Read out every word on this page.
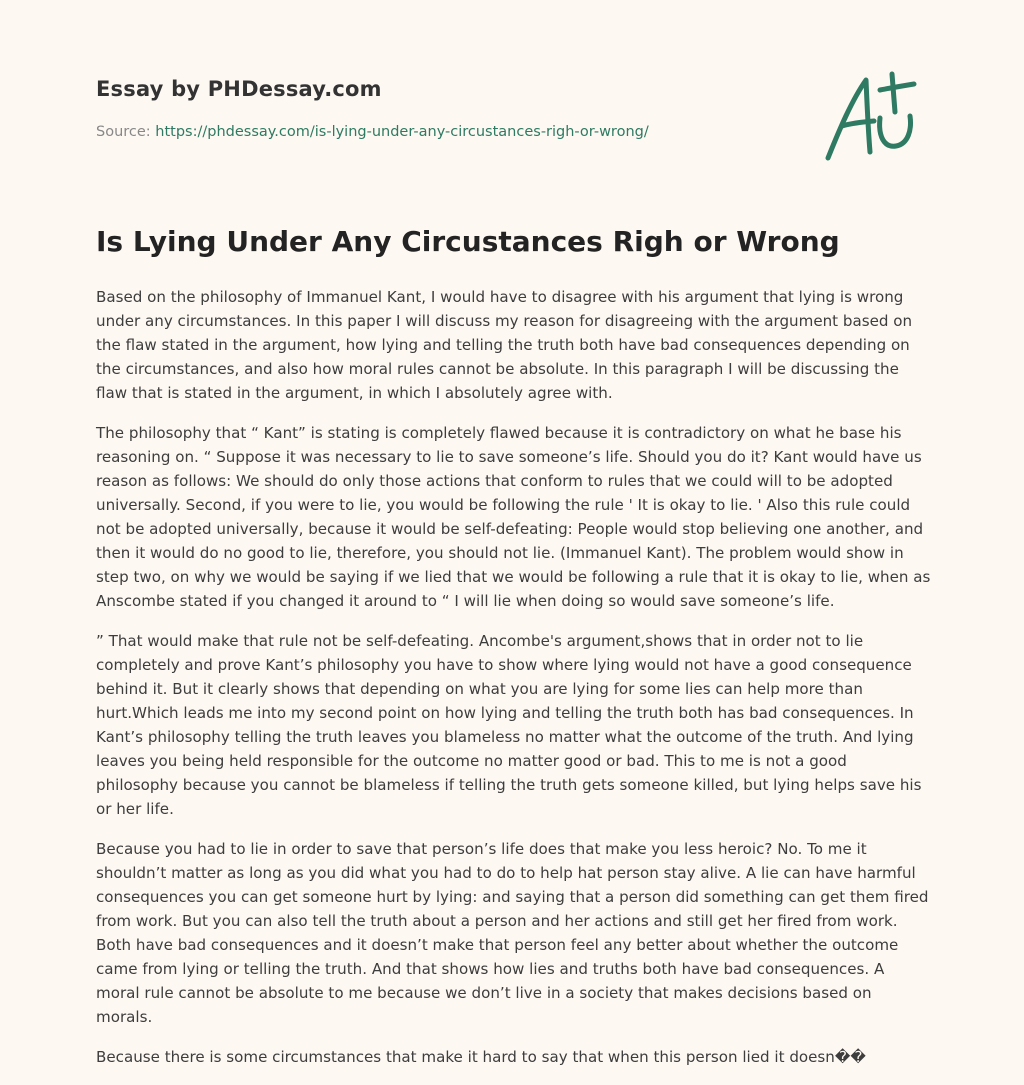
Essay by PHDessay.com
Source: https://phdessay.com/is-lying-under-any-circustances-righ-or-wrong/
Is Lying Under Any Circustances Righ or Wrong

Based on the philosophy of Immanuel Kant, I would have to disagree with his argument that lying is wrong under any circumstances. In this paper I will discuss my reason for disagreeing with the argument based on the flaw stated in the argument, how lying and telling the truth both have bad consequences depending on the circumstances, and also how moral rules cannot be absolute. In this paragraph I will be discussing the flaw that is stated in the argument, in which I absolutely agree with.

The philosophy that “ Kant” is stating is completely flawed because it is contradictory on what he base his reasoning on. “ Suppose it was necessary to lie to save someone’s life. Should you do it? Kant would have us reason as follows: We should do only those actions that conform to rules that we could will to be adopted universally. Second, if you were to lie, you would be following the rule ' It is okay to lie. ' Also this rule could not be adopted universally, because it would be self-defeating: People would stop believing one another, and then it would do no good to lie, therefore, you should not lie. (Immanuel Kant). The problem would show in step two, on why we would be saying if we lied that we would be following a rule that it is okay to lie, when as Anscombe stated if you changed it around to “ I will lie when doing so would save someone’s life.

” That would make that rule not be self-defeating. Ancombe's argument,shows that in order not to lie completely and prove Kant’s philosophy you have to show where lying would not have a good consequence behind it. But it clearly shows that depending on what you are lying for some lies can help more than hurt.Which leads me into my second point on how lying and telling the truth both has bad consequences. In Kant’s philosophy telling the truth leaves you blameless no matter what the outcome of the truth. And lying leaves you being held responsible for the outcome no matter good or bad. This to me is not a good philosophy because you cannot be blameless if telling the truth gets someone killed, but lying helps save his or her life.

Because you had to lie in order to save that person’s life does that make you less heroic? No. To me it shouldn’t matter as long as you did what you had to do to help hat person stay alive. A lie can have harmful consequences you can get someone hurt by lying: and saying that a person did something can get them fired from work. But you can also tell the truth about a person and her actions and still get her fired from work. Both have bad consequences and it doesn’t make that person feel any better about whether the outcome came from lying or telling the truth. And that shows how lies and truths both have bad consequences. A moral rule cannot be absolute to me because we don’t live in a society that makes decisions based on morals.

Because there is some circumstances that make it hard to say that when this person lied it doesn��
